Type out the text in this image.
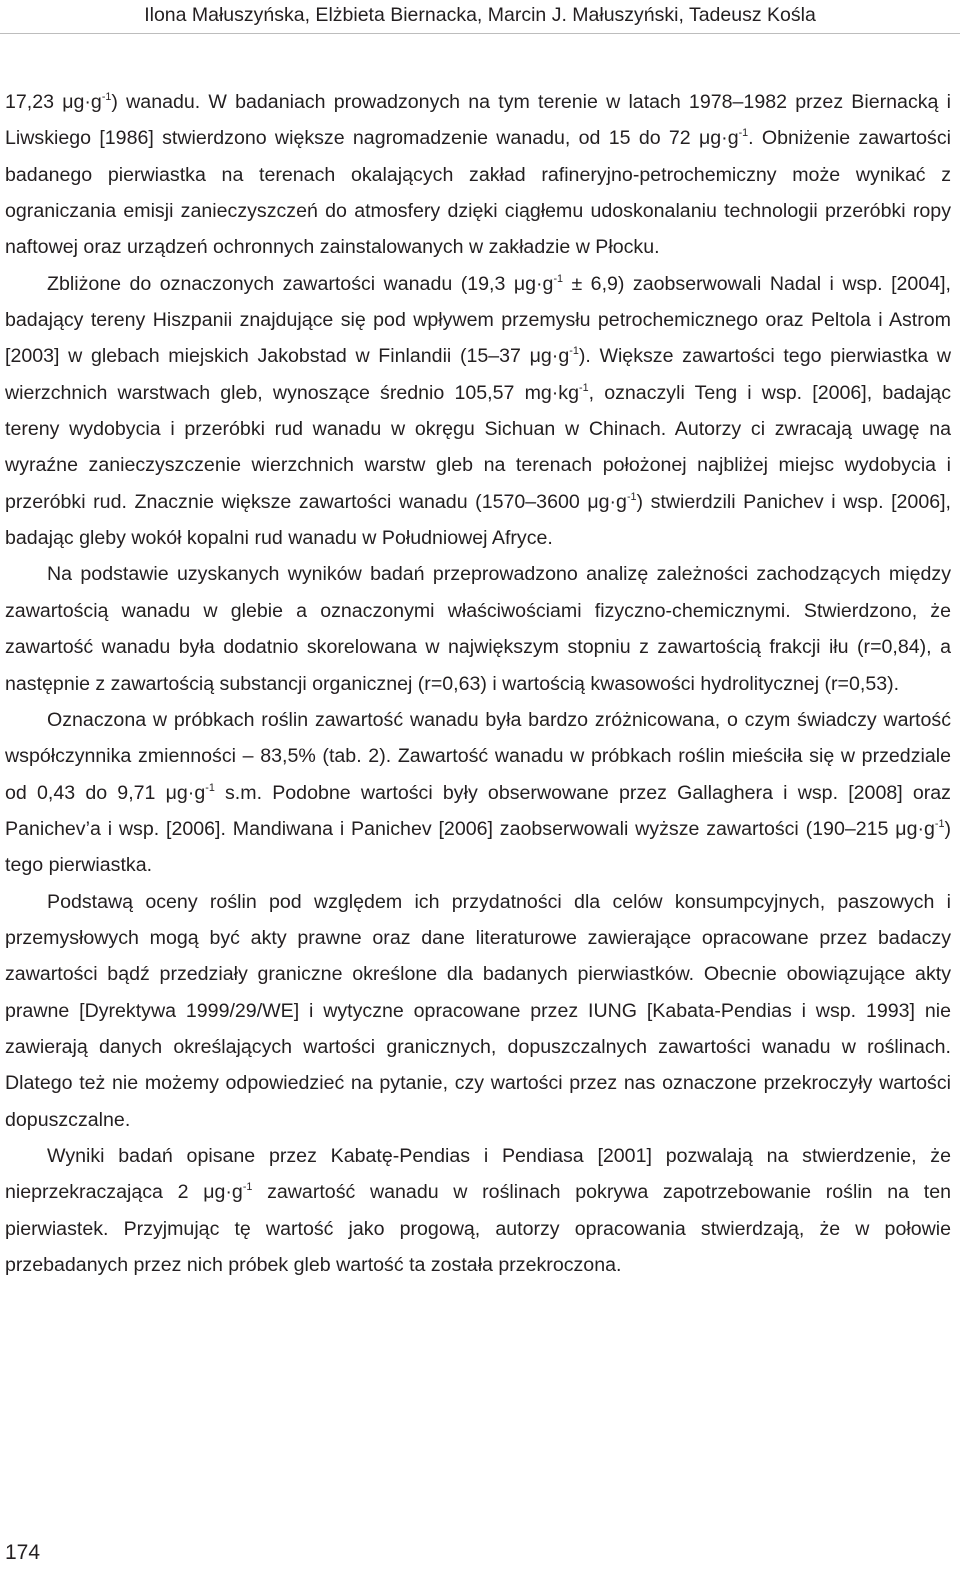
Ilona Małuszyńska, Elżbieta Biernacka, Marcin J. Małuszyński, Tadeusz Kośla

17,23 $\mu g\cdot g^{-1}$) wanadu. W badaniach prowadzonych na tym terenie w latach 1978–1982 przez Biernacką i Liwskiego [1986] stwierdzono większe nagromadzenie wanadu, od 15 do 72 $\mu g\cdot g^{-1}$. Obniżenie zawartości badanego pierwiastka na terenach okalających zakład rafineryjno-petrochemiczny może wynikać z ograniczania emisji zanieczyszczeń do atmosfery dzięki ciągłemu udoskonalaniu technologii przeróbki ropy naftowej oraz urządzeń ochronnych zainstalowanych w zakładzie w Płocku.

Zbliżone do oznaczonych zawartości wanadu (19,3 $\mu g\cdot g^{-1} \pm 6,9$) zaobserwowali Nadal i wsp. [2004], badający tereny Hiszpanii znajdujące się pod wpływem przemysłu petrochemicznego oraz Peltola i Astrom [2003] w glebach miejskich Jakobstad w Finlandii (15–37 $\mu g\cdot g^{-1}$). Większe zawartości tego pierwiastka w wierzchnich warstwach gleb, wynoszące średnio 105,57 $mg\cdot kg^{-1}$, oznaczyli Teng i wsp. [2006], badając tereny wydobycia i przeróbki rud wanadu w okręgu Sichuan w Chinach. Autorzy ci zwracają uwagę na wyraźne zanieczyszczenie wierzchnich warstw gleb na terenach położonej najbliżej miejsc wydobycia i przeróbki rud. Znacznie większe zawartości wanadu (1570–3600 $\mu g\cdot g^{-1}$) stwierdzili Panichev i wsp. [2006], badając gleby wokół kopalni rud wanadu w Południowej Afryce.

Na podstawie uzyskanych wyników badań przeprowadzono analizę zależności zachodzących między zawartością wanadu w glebie a oznaczonymi właściwościami fizyczno-chemicznymi. Stwierdzono, że zawartość wanadu była dodatnio skorelowana w największym stopniu z zawartością frakcji iłu (r=0,84), a następnie z zawartością substancji organicznej (r=0,63) i wartością kwasowości hydrolitycznej (r=0,53).

Oznaczona w próbkach roślin zawartość wanadu była bardzo zróżnicowana, o czym świadczy wartość współczynnika zmienności – 83,5% (tab. 2). Zawartość wanadu w próbkach roślin mieściła się w przedziale od 0,43 do 9,71 $\mu g\cdot g^{-1}$ s.m. Podobne wartości były obserwowane przez Gallaghera i wsp. [2008] oraz Panichev’a i wsp. [2006]. Mandiwana i Panichev [2006] zaobserwowali wyższe zawartości (190–215 $\mu g\cdot g^{-1}$) tego pierwiastka.

Podstawą oceny roślin pod względem ich przydatności dla celów konsumpcyjnych, paszowych i przemysłowych mogą być akty prawne oraz dane literaturowe zawierające opracowane przez badaczy zawartości bądź przedziały graniczne określone dla badanych pierwiastków. Obecnie obowiązujące akty prawne [Dyrektywa 1999/29/WE] i wytyczne opracowane przez IUNG [Kabata-Pendias i wsp. 1993] nie zawierają danych określających wartości granicznych, dopuszczalnych zawartości wanadu w roślinach. Dlatego też nie możemy odpowiedzieć na pytanie, czy wartości przez nas oznaczone przekroczyły wartości dopuszczalne.

Wyniki badań opisane przez Kabatę-Pendias i Pendiasa [2001] pozwalają na stwierdzenie, że nieprzekraczająca 2 $\mu g\cdot g^{-1}$ zawartość wanadu w roślinach pokrywa zapotrzebowanie roślin na ten pierwiastek. Przyjmując tę wartość jako progową, autorzy opracowania stwierdzają, że w połowie przebadanych przez nich próbek gleb wartość ta została przekroczona.

174
